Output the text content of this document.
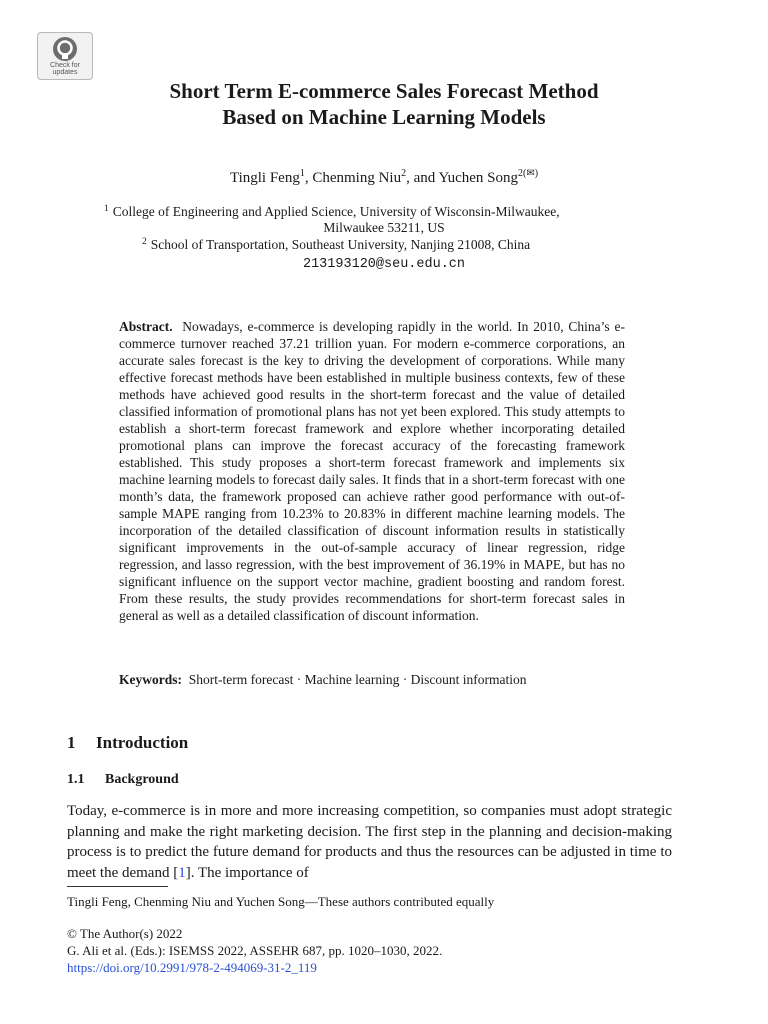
Check for
updates
Short Term E-commerce Sales Forecast Method
Based on Machine Learning Models
Tingli Feng$^1$, Chenming Niu$^2$, and Yuchen Song$^{2(✉)}$
$^1$ College of Engineering and Applied Science, University of Wisconsin-Milwaukee,
Milwaukee 53211, US
$^2$ School of Transportation, Southeast University, Nanjing 21008, China
213193120@seu.edu.cn
Abstract. Nowadays, e-commerce is developing rapidly in the world. In 2010, China’s e-commerce turnover reached 37.21 trillion yuan. For modern e-commerce corporations, an accurate sales forecast is the key to driving the development of corporations. While many effective forecast methods have been established in multiple business contexts, few of these methods have achieved good results in the short-term forecast and the value of detailed classified information of promotional plans has not yet been explored. This study attempts to establish a short-term forecast framework and explore whether incorporating detailed promotional plans can improve the forecast accuracy of the forecasting framework established. This study proposes a short-term forecast framework and implements six machine learning models to forecast daily sales. It finds that in a short-term forecast with one month’s data, the framework proposed can achieve rather good performance with out-of-sample MAPE ranging from 10.23% to 20.83% in different machine learning models. The incorporation of the detailed classification of discount information results in statistically significant improvements in the out-of-sample accuracy of linear regression, ridge regression, and lasso regression, with the best improvement of 36.19% in MAPE, but has no significant influence on the support vector machine, gradient boosting and random forest. From these results, the study provides recommendations for short-term forecast sales in general as well as a detailed classification of discount information.
Keywords: Short-term forecast · Machine learning · Discount information
1 Introduction
1.1 Background
Today, e-commerce is in more and more increasing competition, so companies must adopt strategic planning and make the right marketing decision. The first step in the planning and decision-making process is to predict the future demand for products and thus the resources can be adjusted in time to meet the demand [1]. The importance of
Tingli Feng, Chenming Niu and Yuchen Song—These authors contributed equally
© The Author(s) 2022
G. Ali et al. (Eds.): ISEMSS 2022, ASSEHR 687, pp. 1020–1030, 2022.
https://doi.org/10.2991/978-2-494069-31-2_119
